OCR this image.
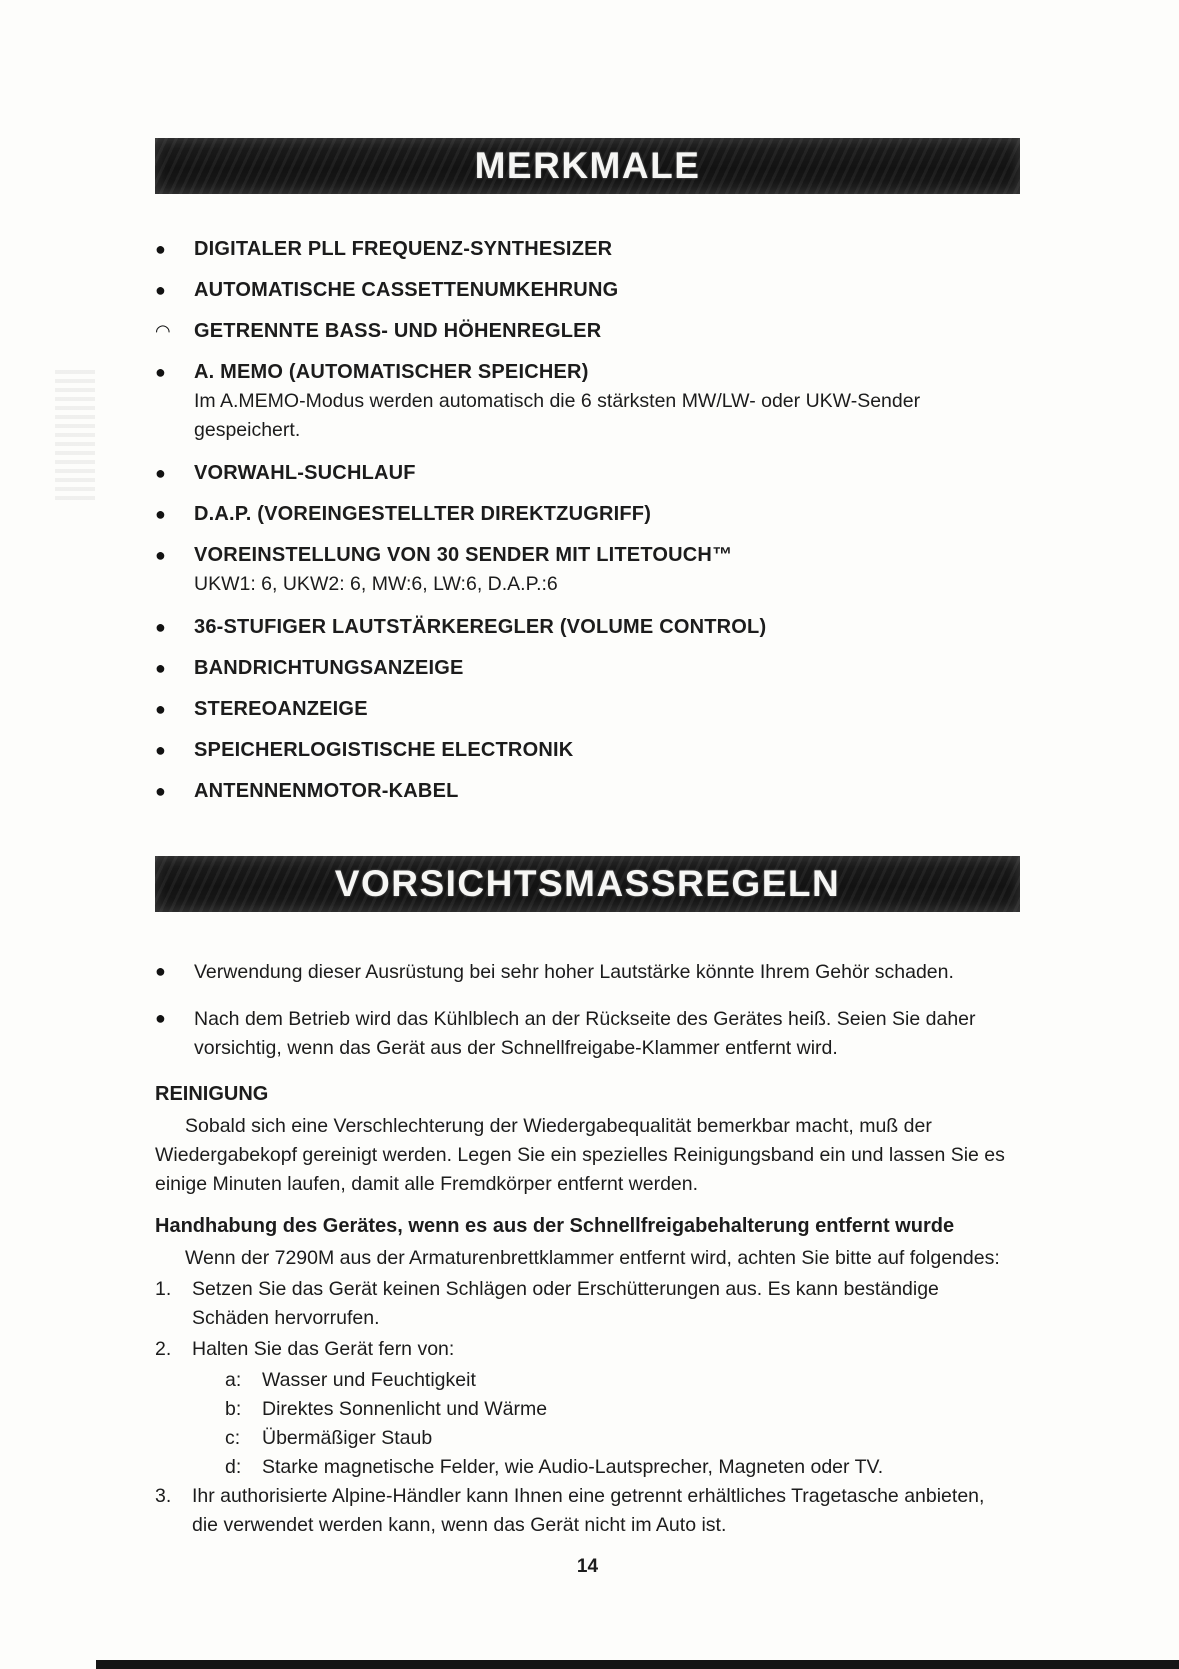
MERKMALE
●	DIGITALER PLL FREQUENZ-SYNTHESIZER
●	AUTOMATISCHE CASSETTENUMKEHRUNG
◠	GETRENNTE BASS- UND HÖHENREGLER
●	A. MEMO (AUTOMATISCHER SPEICHER)
Im A.MEMO-Modus werden automatisch die 6 stärksten MW/LW- oder UKW-Sender gespeichert.
●	VORWAHL-SUCHLAUF
●	D.A.P. (VOREINGESTELLTER DIREKTZUGRIFF)
●	VOREINSTELLUNG VON 30 SENDER MIT LITETOUCH™
UKW1: 6, UKW2: 6, MW:6, LW:6, D.A.P.:6
●	36-STUFIGER LAUTSTÄRKEREGLER (VOLUME CONTROL)
●	BANDRICHTUNGSANZEIGE
●	STEREOANZEIGE
●	SPEICHERLOGISTISCHE ELECTRONIK
●	ANTENNENMOTOR-KABEL
VORSICHTSMASSREGELN
●	Verwendung dieser Ausrüstung bei sehr hoher Lautstärke könnte Ihrem Gehör schaden.
●	Nach dem Betrieb wird das Kühlblech an der Rückseite des Gerätes heiß. Seien Sie daher vorsichtig, wenn das Gerät aus der Schnellfreigabe-Klammer entfernt wird.
REINIGUNG

Sobald sich eine Verschlechterung der Wiedergabequalität bemerkbar macht, muß der Wiedergabekopf gereinigt werden. Legen Sie ein spezielles Reinigungsband ein und lassen Sie es einige Minuten laufen, damit alle Fremdkörper entfernt werden.

Handhabung des Gerätes, wenn es aus der Schnellfreigabehalterung entfernt wurde

Wenn der 7290M aus der Armaturenbrettklammer entfernt wird, achten Sie bitte auf folgendes:

1.	Setzen Sie das Gerät keinen Schlägen oder Erschütterungen aus. Es kann beständige Schäden hervorrufen.
2.	Halten Sie das Gerät fern von:
a:	Wasser und Feuchtigkeit
b:	Direktes Sonnenlicht und Wärme
c:	Übermäßiger Staub
d:	Starke magnetische Felder, wie Audio-Lautsprecher, Magneten oder TV.
3.	Ihr authorisierte Alpine-Händler kann Ihnen eine getrennt erhältliches Tragetasche anbieten, die verwendet werden kann, wenn das Gerät nicht im Auto ist.
14
